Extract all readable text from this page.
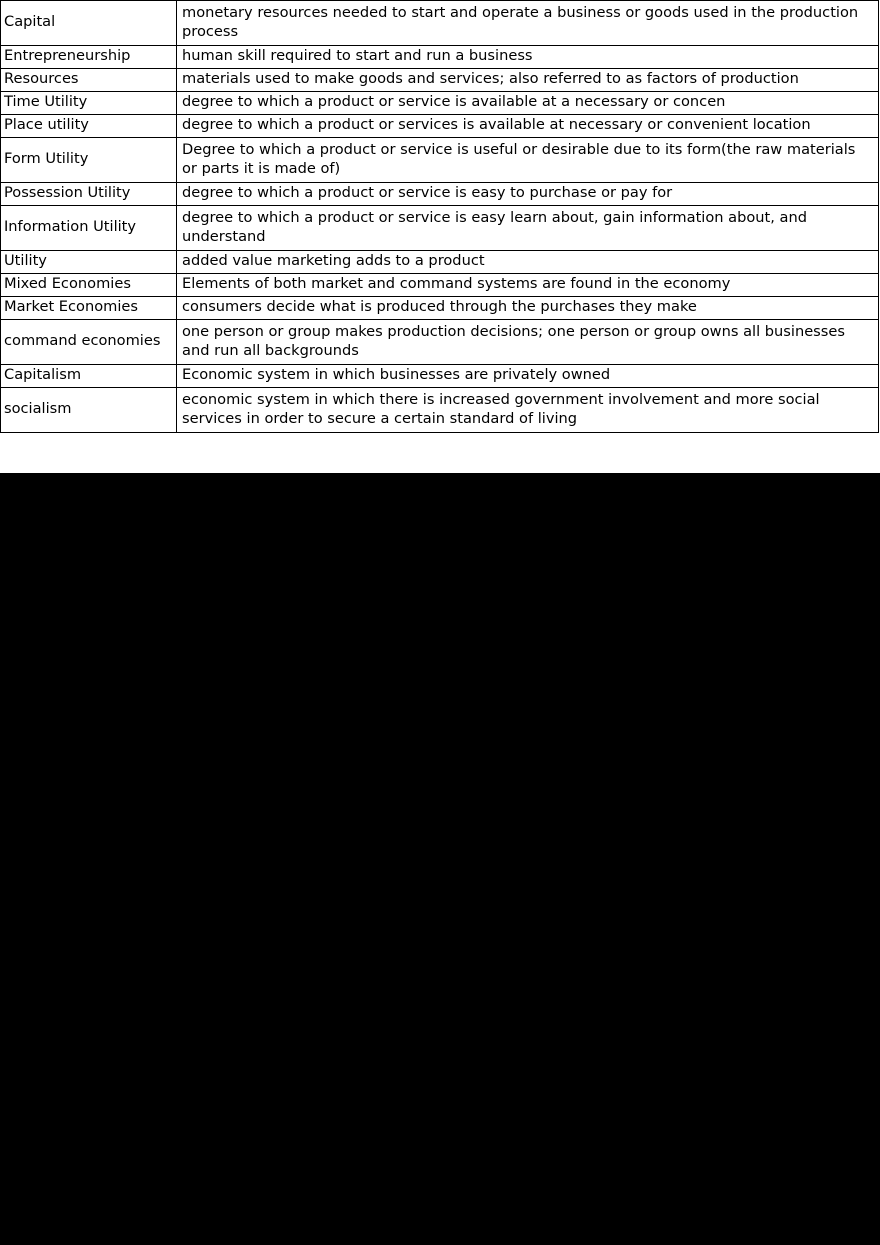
Capital	monetary resources needed to start and operate a business or goods used in the production process
Entrepreneurship	human skill required to start and run a business
Resources	materials used to make goods and services; also referred to as factors of production
Time Utility	degree to which a product or service is available at a necessary or concen
Place utility	degree to which a product or services is available at necessary or convenient location
Form Utility	Degree to which a product or service is useful or desirable due to its form(the raw materials or parts it is made of)
Possession Utility	degree to which a product or service is easy to purchase or pay for
Information Utility	degree to which a product or service is easy learn about, gain information about, and understand
Utility	added value marketing adds to a product
Mixed Economies	Elements of both market and command systems are found in the economy
Market Economies	consumers decide what is produced through the purchases they make
command economies	one person or group makes production decisions; one person or group owns all businesses and run all backgrounds
Capitalism	Economic system in which businesses are privately owned
socialism	economic system in which there is increased government involvement and more social services in order to secure a certain standard of living
